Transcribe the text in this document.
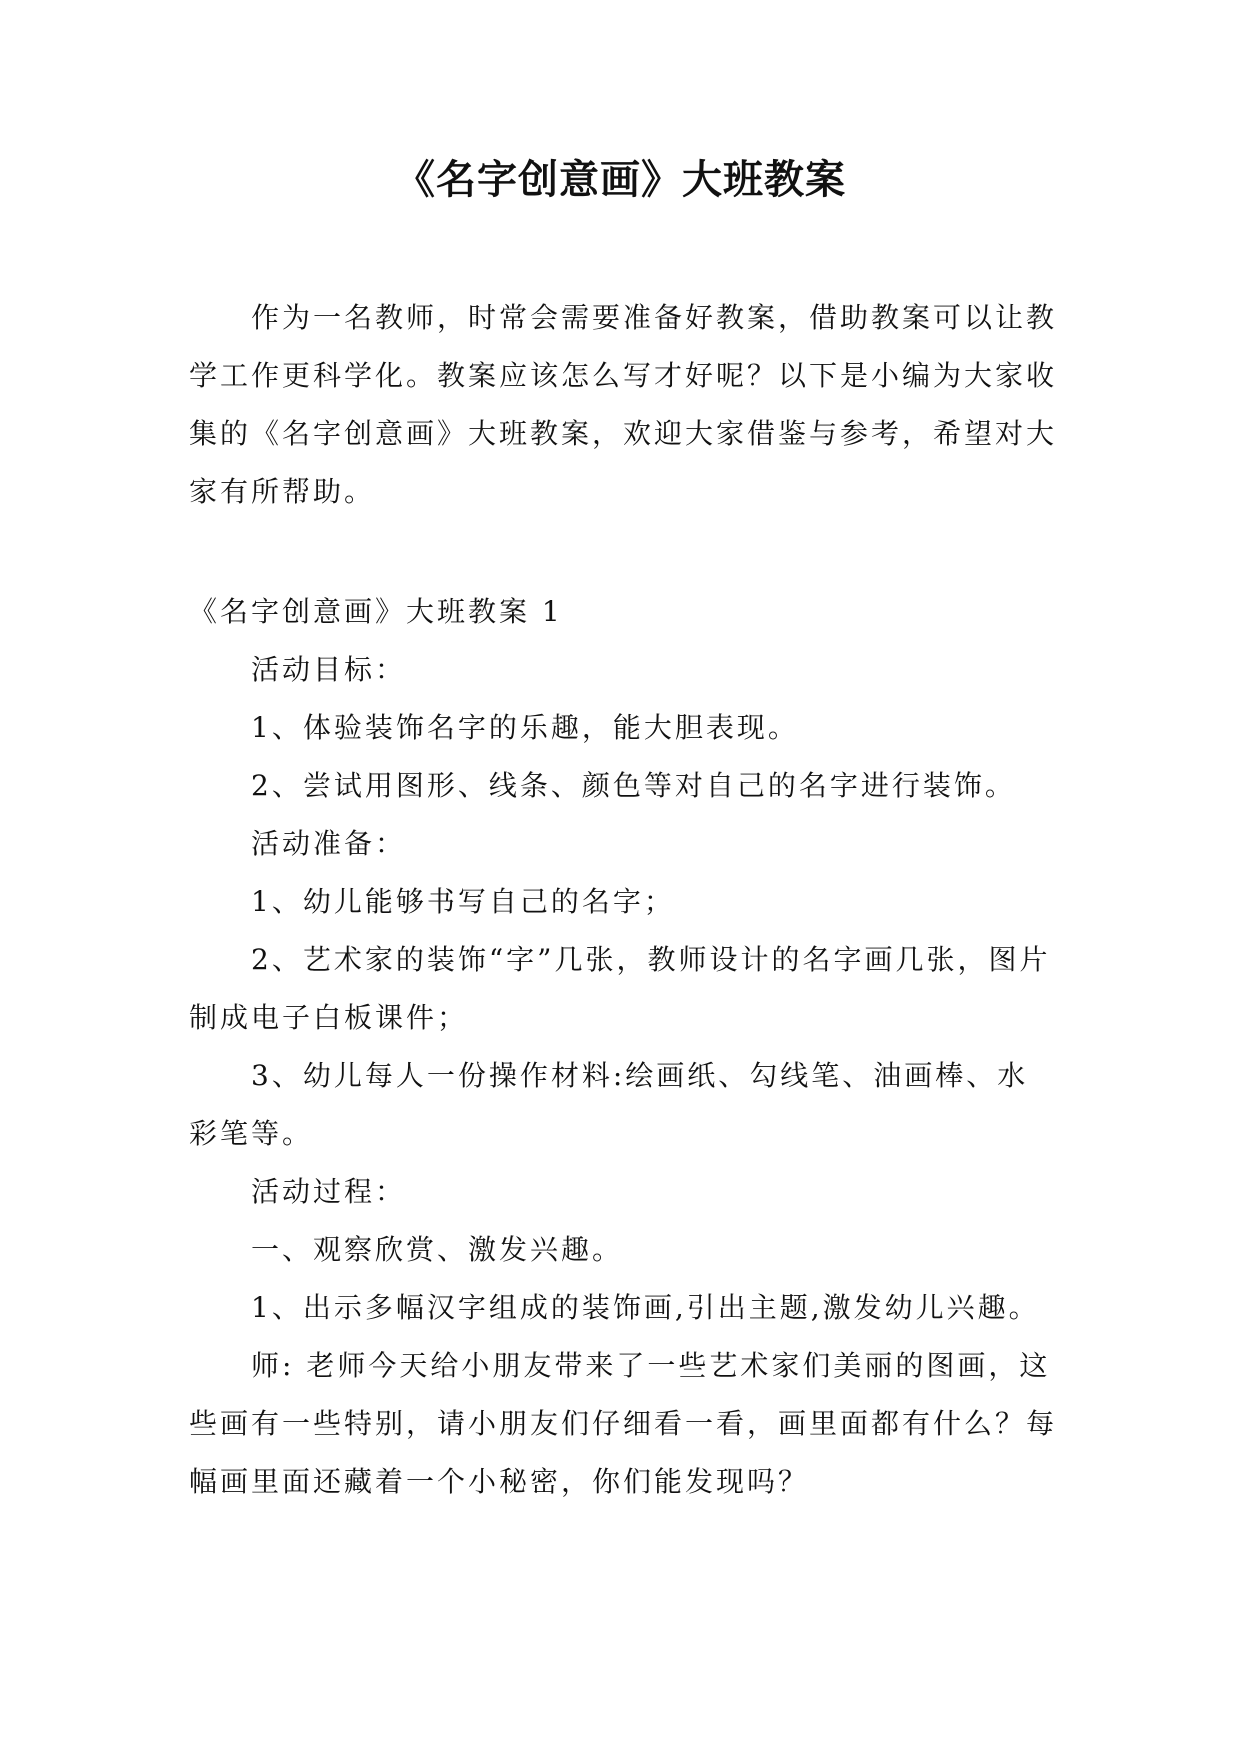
《名字创意画》大班教案

作为一名教师，时常会需要准备好教案，借助教案可以让教学工作更科学化。教案应该怎么写才好呢？以下是小编为大家收集的《名字创意画》大班教案，欢迎大家借鉴与参考，希望对大家有所帮助。

《名字创意画》大班教案 1

活动目标：

1、体验装饰名字的乐趣，能大胆表现。

2、尝试用图形、线条、颜色等对自己的名字进行装饰。

活动准备：

1、幼儿能够书写自己的名字；

2、艺术家的装饰“字”几张，教师设计的名字画几张，图片制成电子白板课件；

3、幼儿每人一份操作材料:绘画纸、勾线笔、油画棒、水彩笔等。

活动过程：

一、观察欣赏、激发兴趣。

1、出示多幅汉字组成的装饰画,引出主题,激发幼儿兴趣。

师: 老师今天给小朋友带来了一些艺术家们美丽的图画，这些画有一些特别，请小朋友们仔细看一看，画里面都有什么？每幅画里面还藏着一个小秘密，你们能发现吗？
